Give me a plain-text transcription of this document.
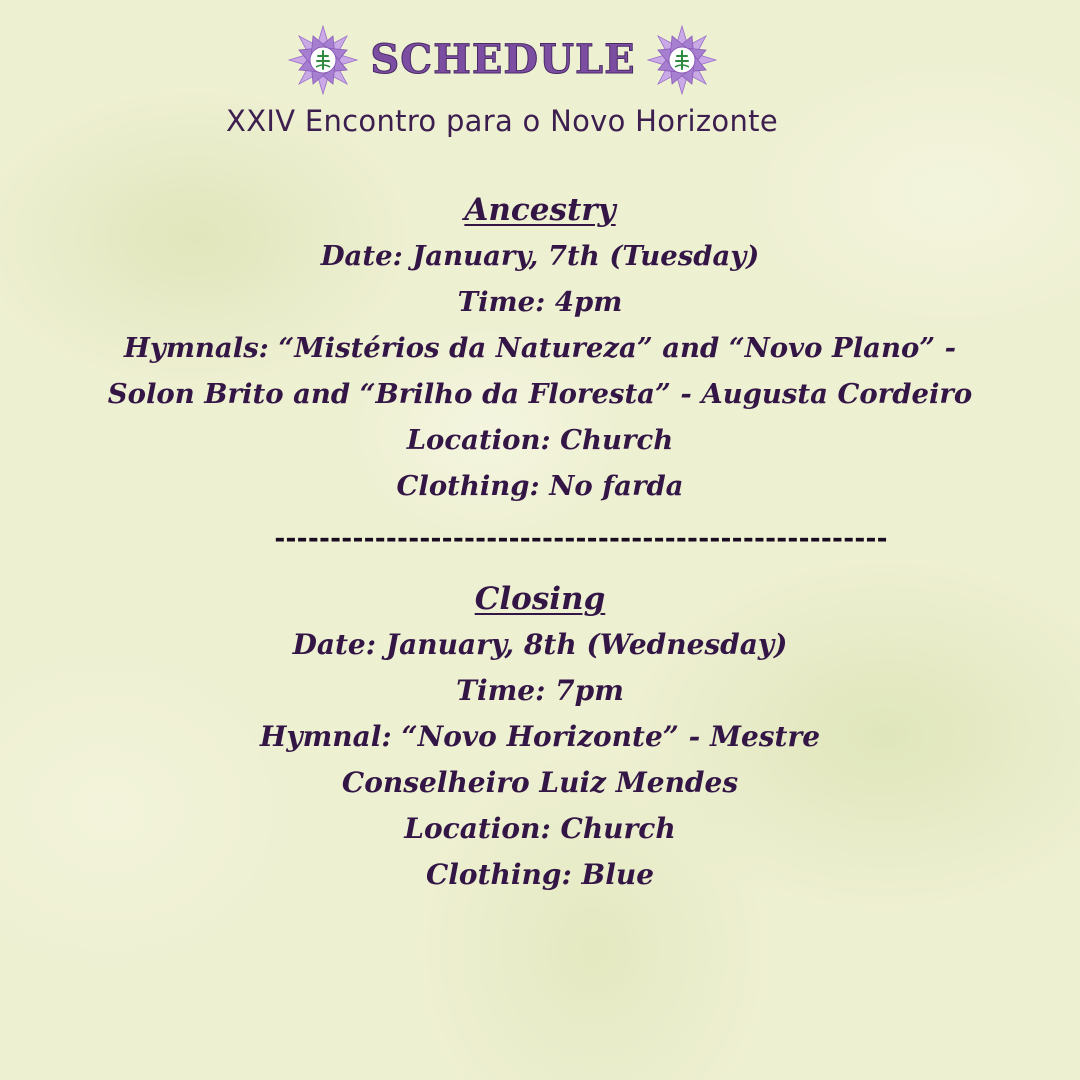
SCHEDULE
XXIV Encontro para o Novo Horizonte
Ancestry
Date: January, 7th (Tuesday)
Time: 4pm
Hymnals: “Mistérios da Natureza” and “Novo Plano” -
Solon Brito and “Brilho da Floresta” - Augusta Cordeiro
Location: Church
Clothing: No farda
-------------------------------------------------------
Closing
Date: January, 8th (Wednesday)
Time: 7pm
Hymnal: “Novo Horizonte” - Mestre
Conselheiro Luiz Mendes
Location: Church
Clothing: Blue
